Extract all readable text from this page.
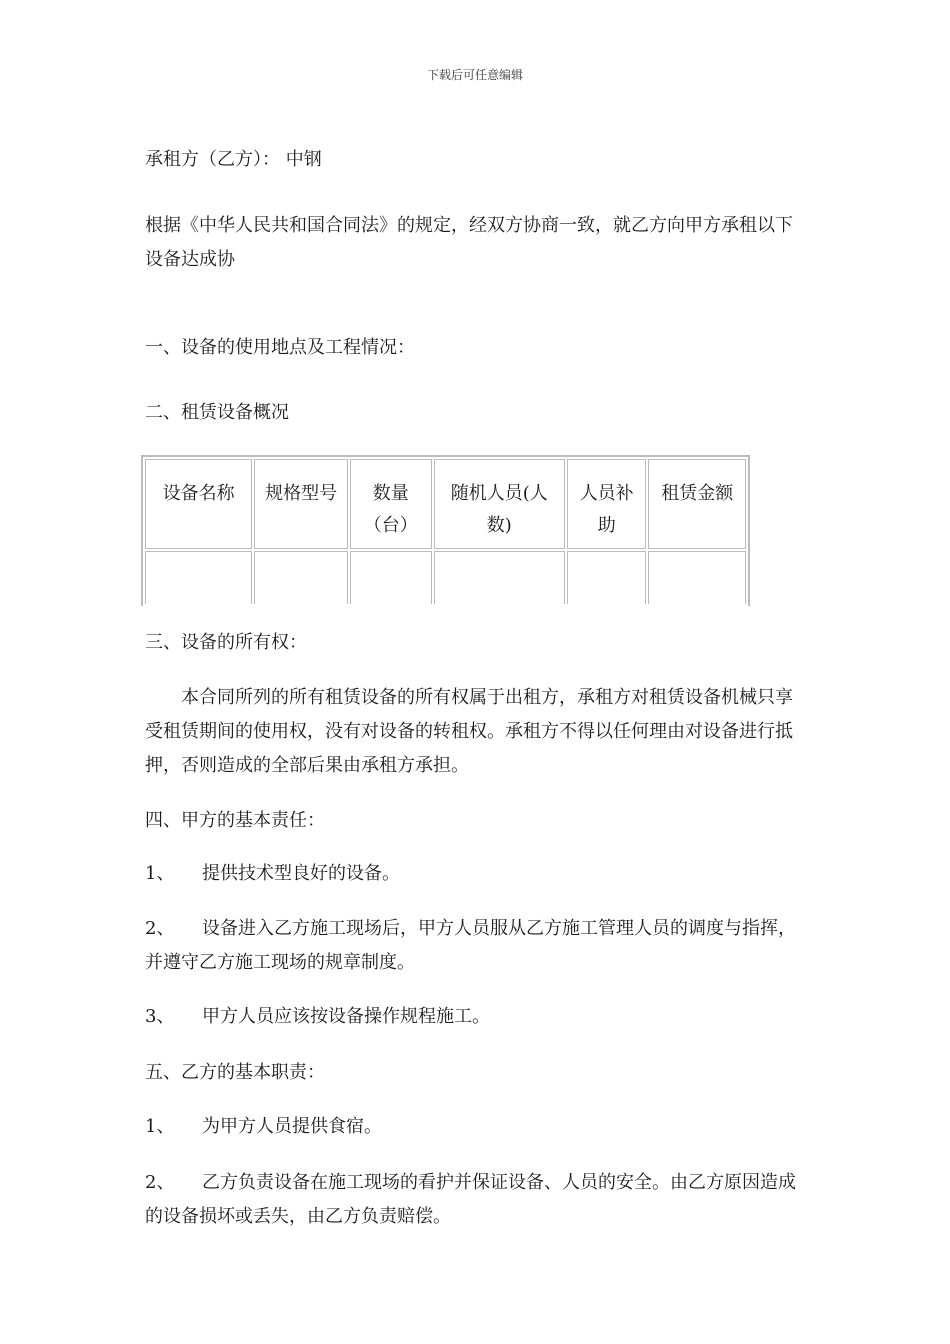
下载后可任意编辑

承租方（乙方）： 中钢

根据《中华人民共和国合同法》的规定，经双方协商一致，就乙方向甲方承租以下设备达成协

一、设备的使用地点及工程情况：

二、租赁设备概况

设备名称	规格型号	数量（台）	随机人员(人数)	人员补助	租赁金额

三、设备的所有权：

本合同所列的所有租赁设备的所有权属于出租方，承租方对租赁设备机械只享受租赁期间的使用权，没有对设备的转租权。承租方不得以任何理由对设备进行抵押，否则造成的全部后果由承租方承担。

四、甲方的基本责任：

1、 提供技术型良好的设备。

2、 设备进入乙方施工现场后，甲方人员服从乙方施工管理人员的调度与指挥，并遵守乙方施工现场的规章制度。

3、 甲方人员应该按设备操作规程施工。

五、乙方的基本职责：

1、 为甲方人员提供食宿。

2、 乙方负责设备在施工现场的看护并保证设备、人员的安全。由乙方原因造成的设备损坏或丢失，由乙方负责赔偿。
